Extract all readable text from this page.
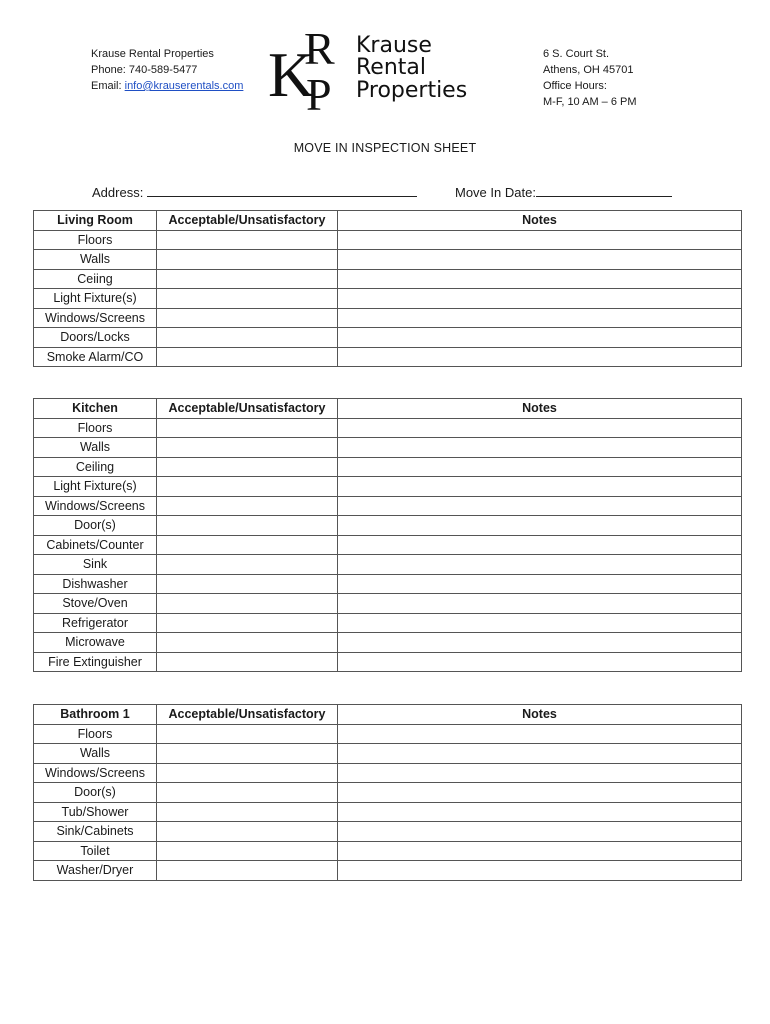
Krause Rental Properties
Phone: 740-589-5477
Email: info@krauserentals.com K
R
P
Krause
Rental
Properties
6 S. Court St.
Athens, OH 45701
Office Hours:
M-F, 10 AM – 6 PM
MOVE IN INSPECTION SHEET
Address:	Move In Date:
Living Room	Acceptable/Unsatisfactory	Notes
Floors		
Walls		
Ceiing		
Light Fixture(s)		
Windows/Screens		
Doors/Locks		
Smoke Alarm/CO		
Kitchen	Acceptable/Unsatisfactory	Notes
Floors		
Walls		
Ceiling		
Light Fixture(s)		
Windows/Screens		
Door(s)		
Cabinets/Counter		
Sink		
Dishwasher		
Stove/Oven		
Refrigerator		
Microwave		
Fire Extinguisher		
Bathroom 1	Acceptable/Unsatisfactory	Notes
Floors		
Walls		
Windows/Screens		
Door(s)		
Tub/Shower		
Sink/Cabinets		
Toilet		
Washer/Dryer		
